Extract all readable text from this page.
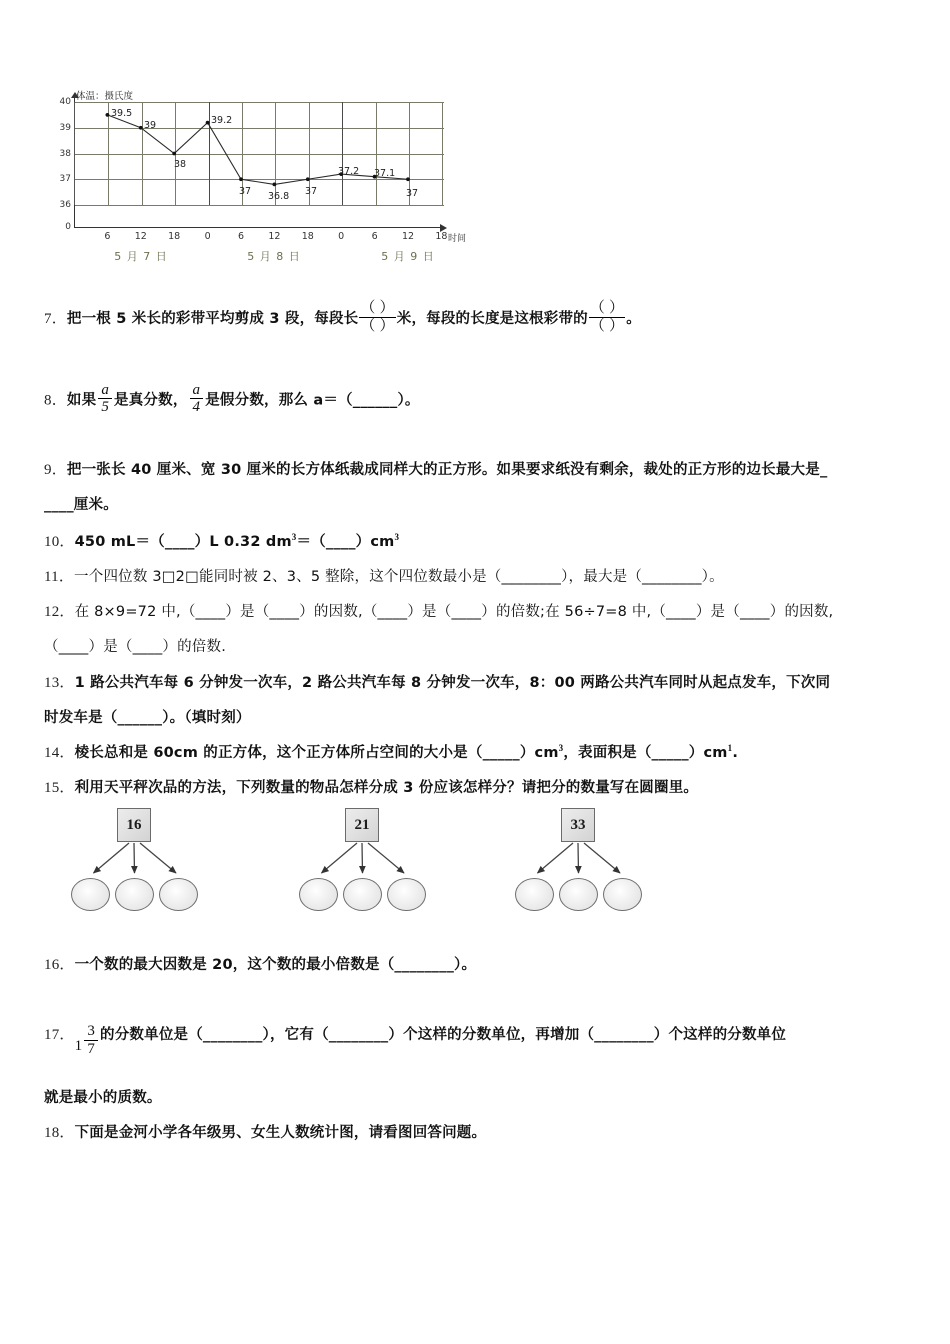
体温：摄氏度
40
39
38
37
36
0
39.5
39
38
39.2
37 36.8 37
37.2 37.1
37
6	12 18	0	6	12 18	0	6	12 18 时间
5 月 7 日	5 月 8 日	5 月 9 日
7．把一根 5 米长的彩带平均剪成 3 段，每段长 $\frac{( )}{( )}$ 米，每段的长度是这根彩带的 $\frac{( )}{( )}$ 。
8．如果 $\frac{a}{5}$ 是真分数， $\frac{a}{4}$ 是假分数，那么 a＝（______）。
9．把一张长 40 厘米、宽 30 厘米的长方体纸裁成同样大的正方形。如果要求纸没有剩余，裁处的正方形的边长最大是_
____厘米。
10．450 mL＝（____）L 0.32 $dm^3=(\_\_\_\_)cm^3$
11．一个四位数 3□2□能同时被 2、3、5 整除，这个四位数最小是（________），最大是（________）。
12．在 8×9=72 中,（____）是（____）的因数,（____）是（____）的倍数;在 56÷7=8 中,（____）是（____）的因数,
（____）是（____）的倍数.
13．1 路公共汽车每 6 分钟发一次车，2 路公共汽车每 8 分钟发一次车，8：00 两路公共汽车同时从起点发车，下次同
时发车是（______）。（填时刻）
14．棱长总和是 60cm 的正方体，这个正方体所占空间的大小是$(\_\_\_\_\_)cm^3$，表面积是$(\_\_\_\_\_)cm^1$.
15．利用天平秤次品的方法，下列数量的物品怎样分成 3 份应该怎样分？请把分的数量写在圆圈里。
16	21	33
16．一个数的最大因数是 20，这个数的最小倍数是（________）。
17．$1 \frac{3}{7}$ 的分数单位是（________），它有（________）个这样的分数单位，再增加（________）个这样的分数单位
就是最小的质数。
18．下面是金河小学各年级男、女生人数统计图，请看图回答问题。
